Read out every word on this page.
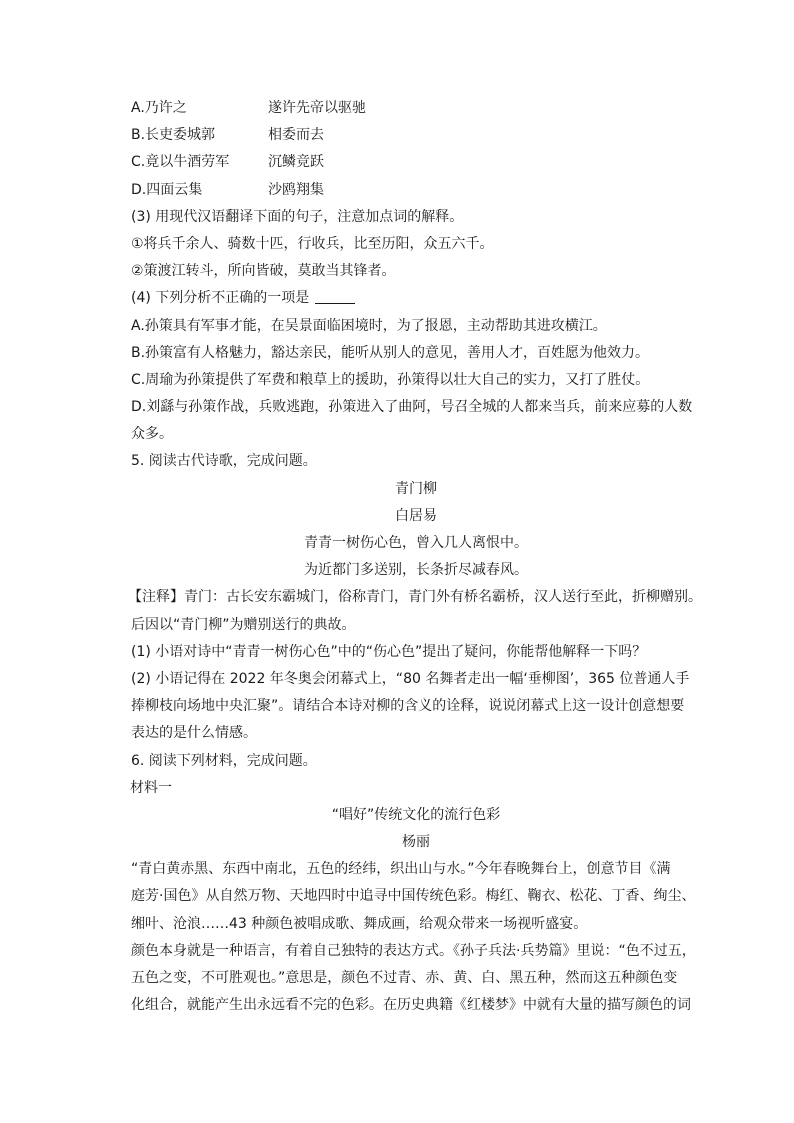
A.乃许之	遂许先帝以驱驰
B.长吏委城郭	相委而去
C.竟以牛酒劳军	沉鳞竞跃
D.四面云集	沙鸥翔集
(3) 用现代汉语翻译下面的句子，注意加点词的解释。
①将兵千余人、骑数十匹，行收兵，比至历阳，众五六千。
②策渡江转斗，所向皆破，莫敢当其锋者。
(4) 下列分析不正确的一项是
A.孙策具有军事才能，在吴景面临困境时，为了报恩，主动帮助其进攻横江。
B.孙策富有人格魅力，豁达亲民，能听从别人的意见，善用人才，百姓愿为他效力。
C.周瑜为孙策提供了军费和粮草上的援助，孙策得以壮大自己的实力，又打了胜仗。
D.刘繇与孙策作战，兵败逃跑，孙策进入了曲阿，号召全城的人都来当兵，前来应募的人数
众多。
5. 阅读古代诗歌，完成问题。
青门柳
白居易
青青一树伤心色，曾入几人离恨中。
为近都门多送别，长条折尽减春风。
【注释】青门：古长安东霸城门，俗称青门，青门外有桥名霸桥，汉人送行至此，折柳赠别。
后因以“青门柳”为赠别送行的典故。
(1) 小语对诗中“青青一树伤心色”中的“伤心色”提出了疑问，你能帮他解释一下吗？
(2) 小语记得在 2022 年冬奥会闭幕式上，“80 名舞者走出一幅‘垂柳图’，365 位普通人手
捧柳枝向场地中央汇聚”。请结合本诗对柳的含义的诠释，说说闭幕式上这一设计创意想要
表达的是什么情感。
6. 阅读下列材料，完成问题。
材料一
“唱好”传统文化的流行色彩
杨丽
“青白黄赤黑、东西中南北，五色的经纬，织出山与水。”今年春晚舞台上，创意节目《满
庭芳·国色》从自然万物、天地四时中追寻中国传统色彩。梅红、鞠衣、松花、丁香、绚尘、
缃叶、沧浪……43 种颜色被唱成歌、舞成画，给观众带来一场视听盛宴。
颜色本身就是一种语言，有着自己独特的表达方式。《孙子兵法·兵势篇》里说：“色不过五，
五色之变，不可胜观也。”意思是，颜色不过青、赤、黄、白、黑五种，然而这五种颜色变
化组合，就能产生出永远看不完的色彩。在历史典籍《红楼梦》中就有大量的描写颜色的词
